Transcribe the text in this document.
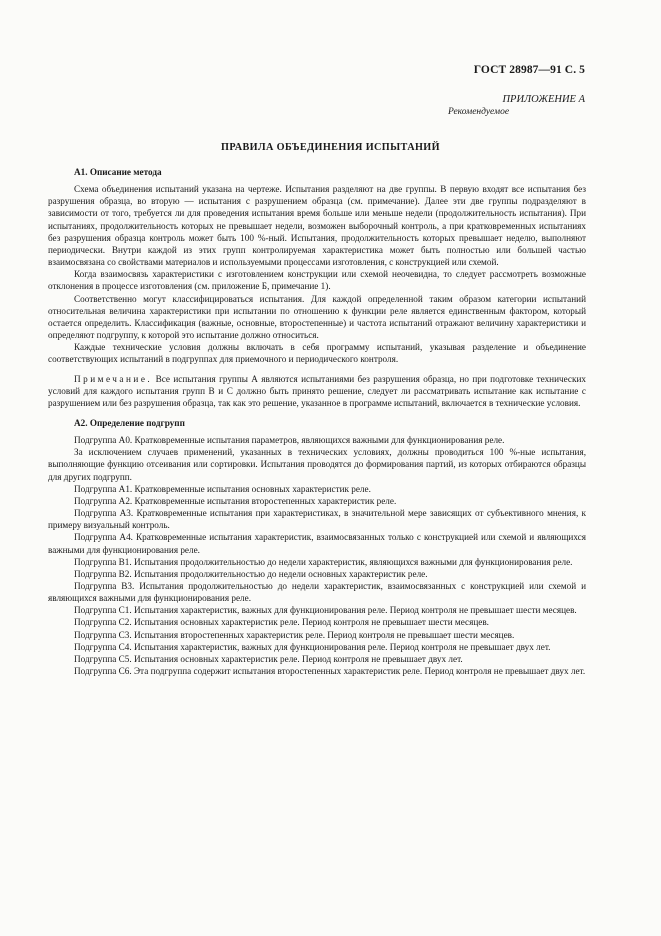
ГОСТ 28987—91 С. 5
ПРИЛОЖЕНИЕ А
Рекомендуемое
ПРАВИЛА ОБЪЕДИНЕНИЯ ИСПЫТАНИЙ
A1. Описание метода

Схема объединения испытаний указана на чертеже. Испытания разделяют на две группы. В первую входят все испытания без разрушения образца, во вторую — испытания с разрушением образца (см. примечание). Далее эти две группы подразделяют в зависимости от того, требуется ли для проведения испытания время больше или меньше недели (продолжительность испытания). При испытаниях, продолжительность которых не превышает недели, возможен выборочный контроль, а при кратковременных испытаниях без разрушения образца контроль может быть 100 %-ный. Испытания, продолжительность которых превышает неделю, выполняют периодически. Внутри каждой из этих групп контролируемая характеристика может быть полностью или большей частью взаимосвязана со свойствами материалов и используемыми процессами изготовления, с конструкцией или схемой.

Когда взаимосвязь характеристики с изготовлением конструкции или схемой неочевидна, то следует рассмотреть возможные отклонения в процессе изготовления (см. приложение Б, примечание 1).

Соответственно могут классифицироваться испытания. Для каждой определенной таким образом категории испытаний относительная величина характеристики при испытании по отношению к функции реле является единственным фактором, который остается определить. Классификация (важные, основные, второстепенные) и частота испытаний отражают величину характеристики и определяют подгруппу, к которой это испытание должно относиться.

Каждые технические условия должны включать в себя программу испытаний, указывая разделение и объединение соответствующих испытаний в подгруппах для приемочного и периодического контроля.

Примечание. Все испытания группы А являются испытаниями без разрушения образца, но при подготовке технических условий для каждого испытания групп В и С должно быть принято решение, следует ли рассматривать испытание как испытание с разрушением или без разрушения образца, так как это решение, указанное в программе испытаний, включается в технические условия.

A2. Определение подгрупп

Подгруппа А0. Кратковременные испытания параметров, являющихся важными для функционирования реле.

За исключением случаев применений, указанных в технических условиях, должны проводиться 100 %-ные испытания, выполняющие функцию отсеивания или сортировки. Испытания проводятся до формирования партий, из которых отбираются образцы для других подгрупп.

Подгруппа А1. Кратковременные испытания основных характеристик реле.

Подгруппа А2. Кратковременные испытания второстепенных характеристик реле.

Подгруппа А3. Кратковременные испытания при характеристиках, в значительной мере зависящих от субъективного мнения, к примеру визуальный контроль.

Подгруппа А4. Кратковременные испытания характеристик, взаимосвязанных только с конструкцией или схемой и являющихся важными для функционирования реле.

Подгруппа В1. Испытания продолжительностью до недели характеристик, являющихся важными для функционирования реле.

Подгруппа В2. Испытания продолжительностью до недели основных характеристик реле.

Подгруппа В3. Испытания продолжительностью до недели характеристик, взаимосвязанных с конструкцией или схемой и являющихся важными для функционирования реле.

Подгруппа С1. Испытания характеристик, важных для функционирования реле. Период контроля не превышает шести месяцев.

Подгруппа С2. Испытания основных характеристик реле. Период контроля не превышает шести месяцев.

Подгруппа С3. Испытания второстепенных характеристик реле. Период контроля не превышает шести месяцев.

Подгруппа С4. Испытания характеристик, важных для функционирования реле. Период контроля не превышает двух лет.

Подгруппа С5. Испытания основных характеристик реле. Период контроля не превышает двух лет.

Подгруппа С6. Эта подгруппа содержит испытания второстепенных характеристик реле. Период контроля не превышает двух лет.
